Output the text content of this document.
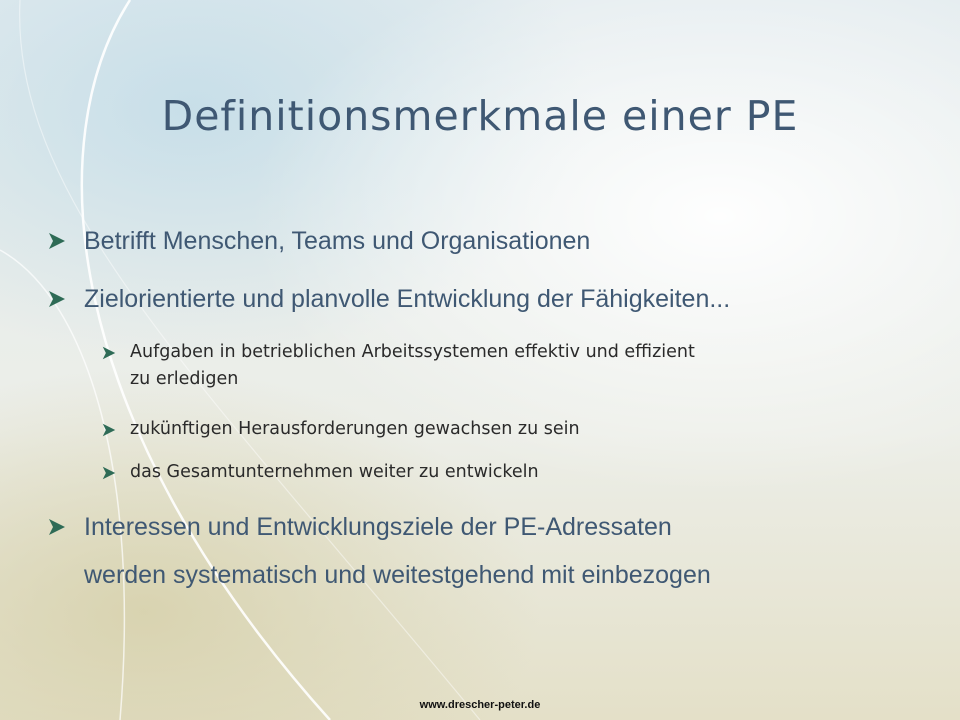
Definitionsmerkmale einer PE
Betrifft Menschen, Teams und Organisationen
Zielorientierte und planvolle Entwicklung der Fähigkeiten...
Aufgaben in betrieblichen Arbeitssystemen effektiv und effizient
zu erledigen
zukünftigen Herausforderungen gewachsen zu sein
das Gesamtunternehmen weiter zu entwickeln
Interessen und Entwicklungsziele der PE-Adressaten
werden systematisch und weitestgehend mit einbezogen
www.drescher-peter.de
